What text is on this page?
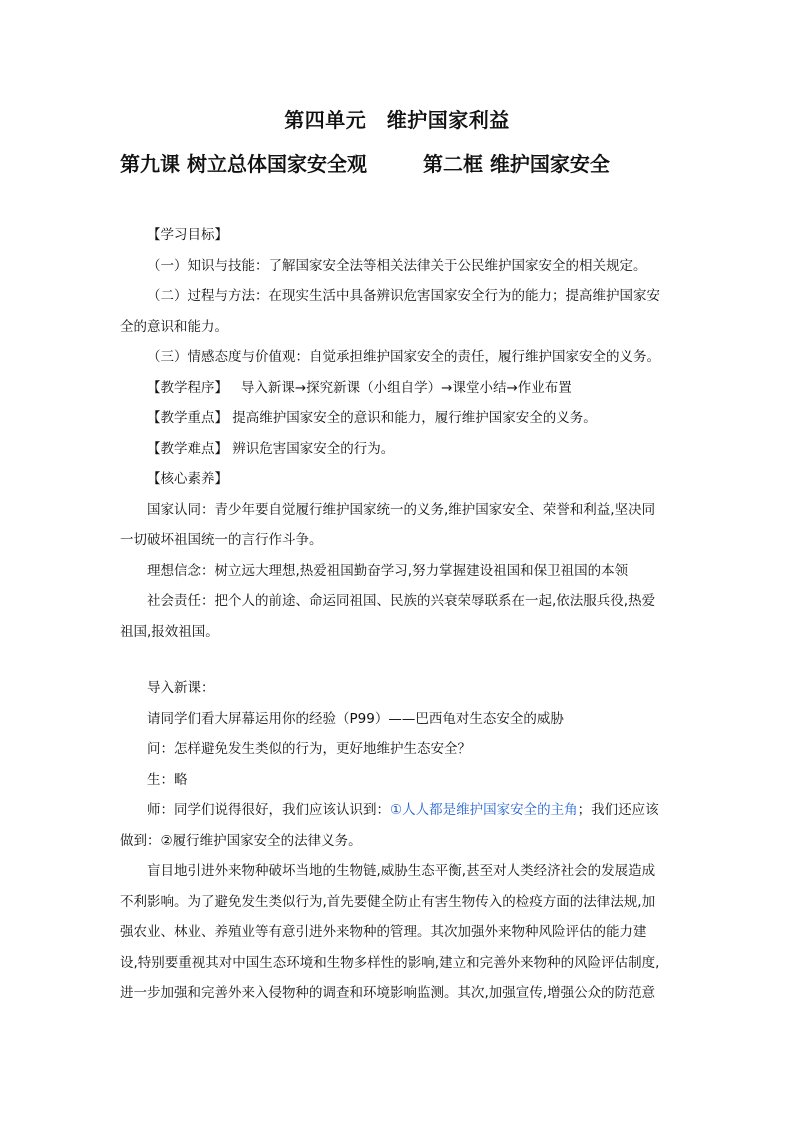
第四单元　维护国家利益
第九课 树立总体国家安全观	第二框 维护国家安全

【学习目标】

（一）知识与技能：了解国家安全法等相关法律关于公民维护国家安全的相关规定。

（二）过程与方法：在现实生活中具备辨识危害国家安全行为的能力；提高维护国家安

全的意识和能力。

（三）情感态度与价值观：自觉承担维护国家安全的责任，履行维护国家安全的义务。

【教学程序】 导入新课→探究新课（小组自学）→课堂小结→作业布置

【教学重点】 提高维护国家安全的意识和能力，履行维护国家安全的义务。

【教学难点】 辨识危害国家安全的行为。

【核心素养】

国家认同：青少年要自觉履行维护国家统一的义务,维护国家安全、荣誉和利益,坚决同

一切破坏祖国统一的言行作斗争。

理想信念：树立远大理想,热爱祖国勤奋学习,努力掌握建设祖国和保卫祖国的本领

社会责任：把个人的前途、命运同祖国、民族的兴衰荣辱联系在一起,依法服兵役,热爱

祖国,报效祖国。

导入新课：

请同学们看大屏幕运用你的经验（P99）——巴西龟对生态安全的威胁

问：怎样避免发生类似的行为，更好地维护生态安全？

生：略

师：同学们说得很好，我们应该认识到：①人人都是维护国家安全的主角；我们还应该

做到：②履行维护国家安全的法律义务。

盲目地引进外来物种破坏当地的生物链,威胁生态平衡,甚至对人类经济社会的发展造成

不利影响。为了避免发生类似行为,首先要健全防止有害生物传入的检疫方面的法律法规,加

强农业、林业、养殖业等有意引进外来物种的管理。其次加强外来物种风险评估的能力建

设,特别要重视其对中国生态环境和生物多样性的影响,建立和完善外来物种的风险评估制度,

进一步加强和完善外来入侵物种的调查和环境影响监测。其次,加强宣传,增强公众的防范意
